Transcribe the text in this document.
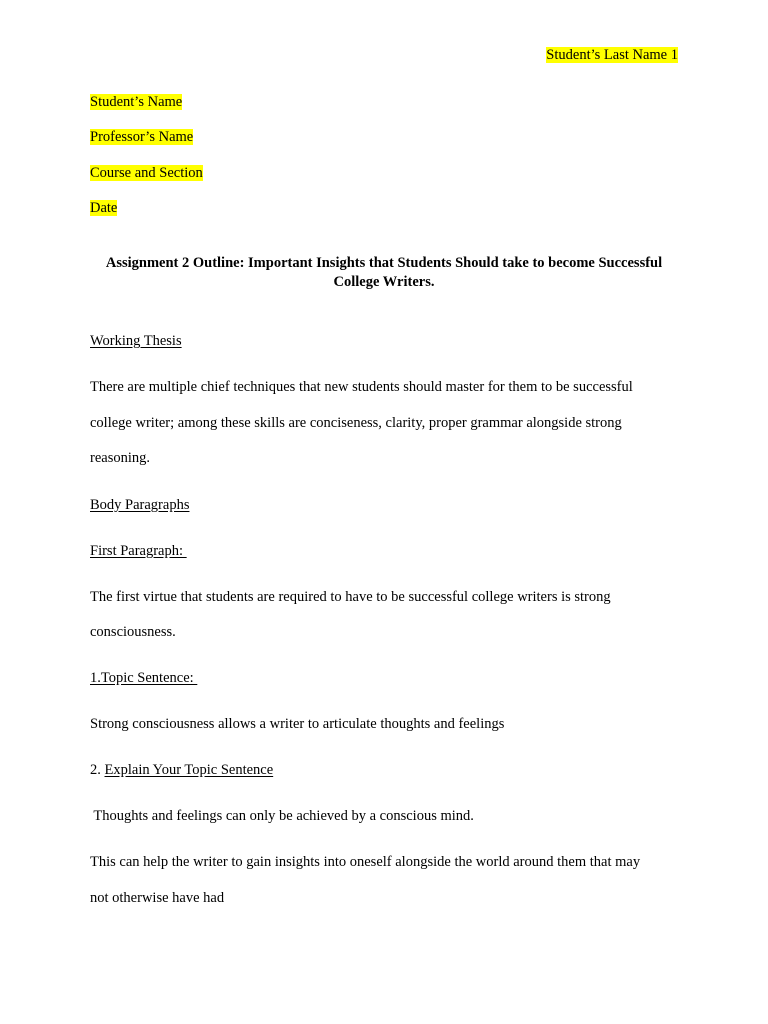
Student’s Last Name 1
Student’s Name
Professor’s Name
Course and Section
Date
Assignment 2 Outline: Important Insights that Students Should take to become Successful
College Writers.
Working Thesis
There are multiple chief techniques that new students should master for them to be successful
college writer; among these skills are conciseness, clarity, proper grammar alongside strong
reasoning.
Body Paragraphs
First Paragraph:
The first virtue that students are required to have to be successful college writers is strong
consciousness.
1.Topic Sentence:
Strong consciousness allows a writer to articulate thoughts and feelings
2. Explain Your Topic Sentence
Thoughts and feelings can only be achieved by a conscious mind.
This can help the writer to gain insights into oneself alongside the world around them that may
not otherwise have had
